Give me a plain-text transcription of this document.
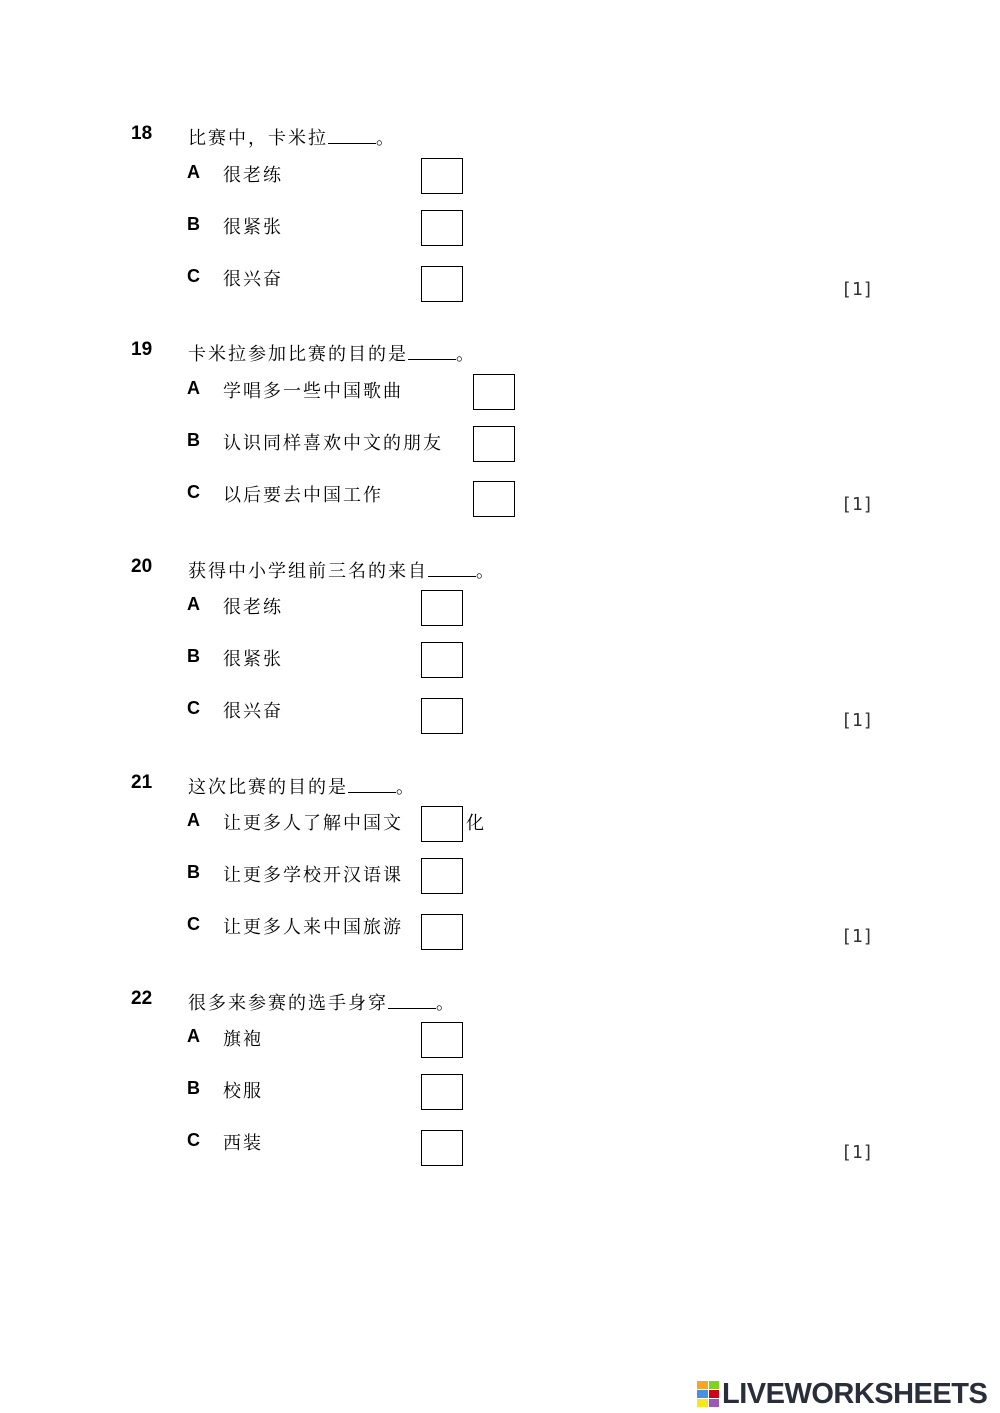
18 比赛中，卡米拉	。
A 很老练
B 很紧张
C 很兴奋	[1]
19 卡米拉参加比赛的目的是	。
A 学唱多一些中国歌曲
B 认识同样喜欢中文的朋友
C 以后要去中国工作	[1]
20 获得中小学组前三名的来自	。
A 很老练
B 很紧张
C 很兴奋	[1]
21 这次比赛的目的是	。
A 让更多人了解中国文	化
B 让更多学校开汉语课
C 让更多人来中国旅游	[1]
22 很多来参赛的选手身穿	。
A 旗袍
B 校服
C 西装	[1]
LIVEWORKSHEETS
